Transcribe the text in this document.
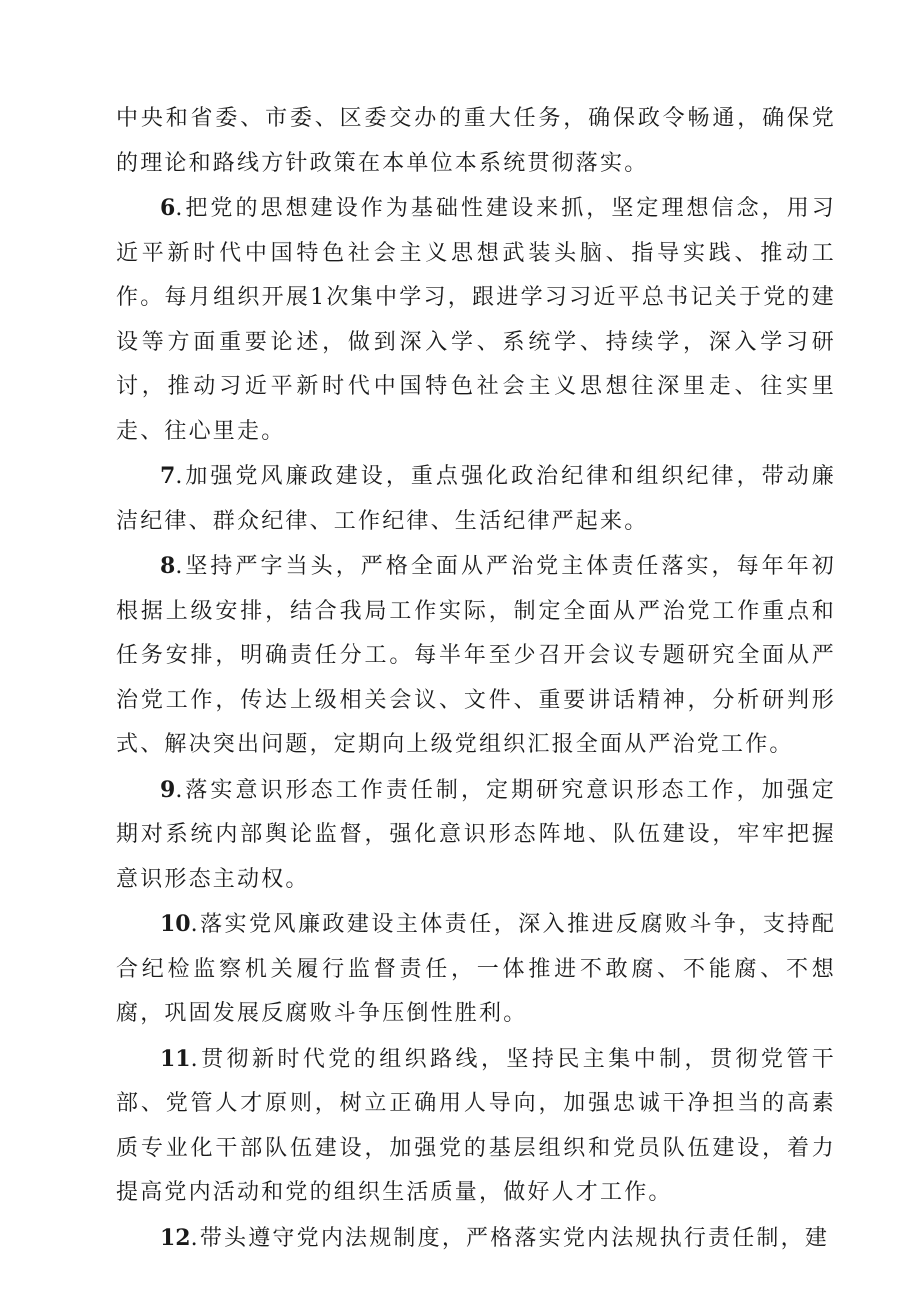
中央和省委、市委、区委交办的重大任务，确保政令畅通，确保党的理论和路线方针政策在本单位本系统贯彻落实。

6.把党的思想建设作为基础性建设来抓，坚定理想信念，用习近平新时代中国特色社会主义思想武装头脑、指导实践、推动工作。每月组织开展1次集中学习，跟进学习习近平总书记关于党的建设等方面重要论述，做到深入学、系统学、持续学，深入学习研讨，推动习近平新时代中国特色社会主义思想往深里走、往实里走、往心里走。

7.加强党风廉政建设，重点强化政治纪律和组织纪律，带动廉洁纪律、群众纪律、工作纪律、生活纪律严起来。

8.坚持严字当头，严格全面从严治党主体责任落实，每年年初根据上级安排，结合我局工作实际，制定全面从严治党工作重点和任务安排，明确责任分工。每半年至少召开会议专题研究全面从严治党工作，传达上级相关会议、文件、重要讲话精神，分析研判形式、解决突出问题，定期向上级党组织汇报全面从严治党工作。

9.落实意识形态工作责任制，定期研究意识形态工作，加强定期对系统内部舆论监督，强化意识形态阵地、队伍建设，牢牢把握意识形态主动权。

10.落实党风廉政建设主体责任，深入推进反腐败斗争，支持配合纪检监察机关履行监督责任，一体推进不敢腐、不能腐、不想腐，巩固发展反腐败斗争压倒性胜利。

11.贯彻新时代党的组织路线，坚持民主集中制，贯彻党管干部、党管人才原则，树立正确用人导向，加强忠诚干净担当的高素质专业化干部队伍建设，加强党的基层组织和党员队伍建设，着力提高党内活动和党的组织生活质量，做好人才工作。

12.带头遵守党内法规制度，严格落实党内法规执行责任制，建
